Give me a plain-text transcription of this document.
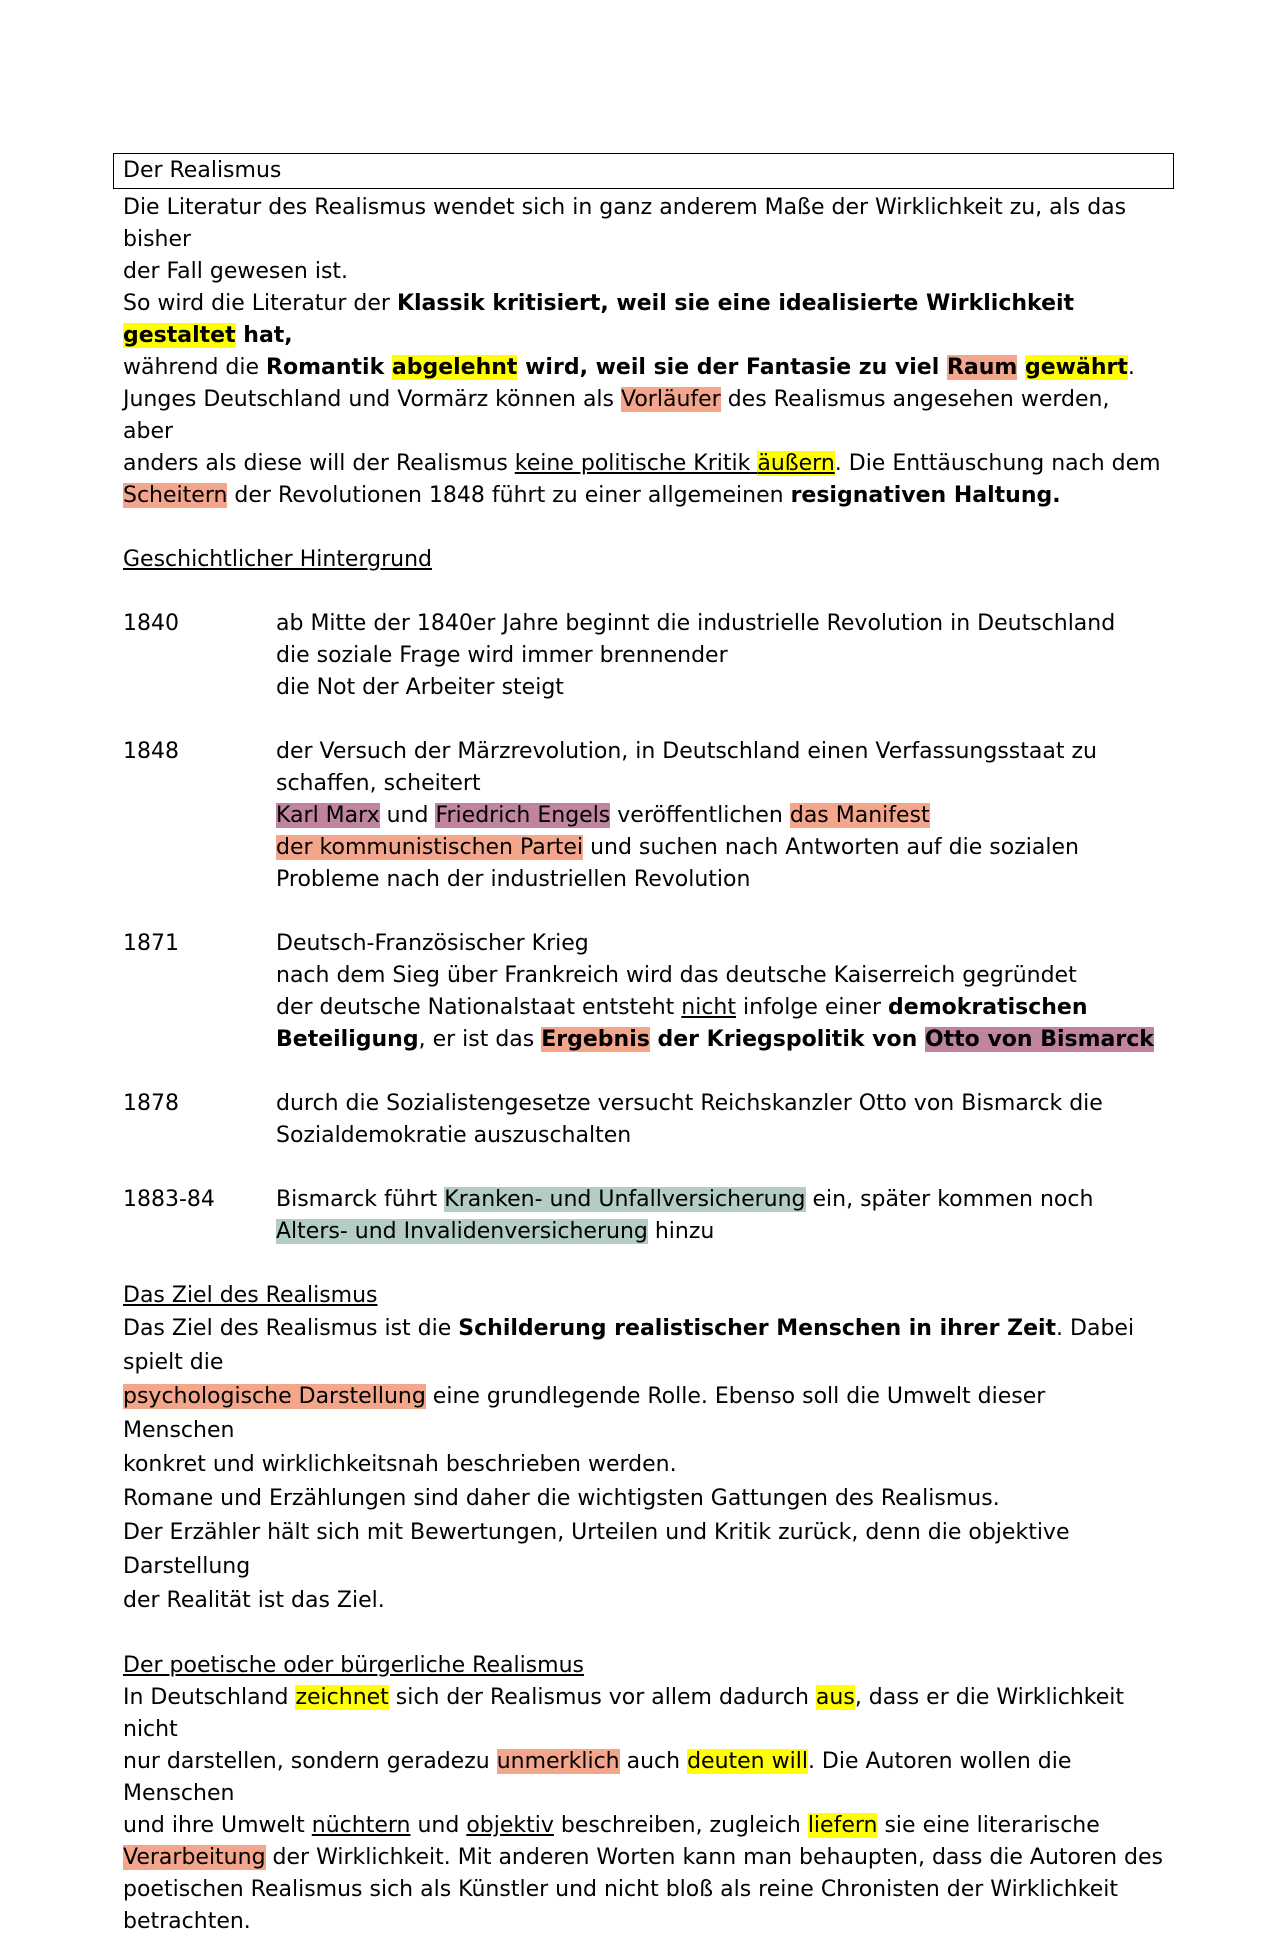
Der Realismus
Die Literatur des Realismus wendet sich in ganz anderem Maße der Wirklichkeit zu, als das bisher
der Fall gewesen ist.
So wird die Literatur der Klassik kritisiert, weil sie eine idealisierte Wirklichkeit gestaltet hat,
während die Romantik abgelehnt wird, weil sie der Fantasie zu viel Raum gewährt.
Junges Deutschland und Vormärz können als Vorläufer des Realismus angesehen werden, aber
anders als diese will der Realismus keine politische Kritik äußern. Die Enttäuschung nach dem
Scheitern der Revolutionen 1848 führt zu einer allgemeinen resignativen Haltung.
Geschichtlicher Hintergrund
1840	ab Mitte der 1840er Jahre beginnt die industrielle Revolution in Deutschland
die soziale Frage wird immer brennender
die Not der Arbeiter steigt
1848	der Versuch der Märzrevolution, in Deutschland einen Verfassungsstaat zu
schaffen, scheitert
Karl Marx und Friedrich Engels veröffentlichen das Manifest
der kommunistischen Partei und suchen nach Antworten auf die sozialen
Probleme nach der industriellen Revolution
1871	Deutsch-Französischer Krieg
nach dem Sieg über Frankreich wird das deutsche Kaiserreich gegründet
der deutsche Nationalstaat entsteht nicht infolge einer demokratischen
Beteiligung, er ist das Ergebnis der Kriegspolitik von Otto von Bismarck
1878	durch die Sozialistengesetze versucht Reichskanzler Otto von Bismarck die
Sozialdemokratie auszuschalten
1883-84	Bismarck führt Kranken- und Unfallversicherung ein, später kommen noch
Alters- und Invalidenversicherung hinzu
Das Ziel des Realismus
Das Ziel des Realismus ist die Schilderung realistischer Menschen in ihrer Zeit. Dabei spielt die
psychologische Darstellung eine grundlegende Rolle. Ebenso soll die Umwelt dieser Menschen
konkret und wirklichkeitsnah beschrieben werden.
Romane und Erzählungen sind daher die wichtigsten Gattungen des Realismus.
Der Erzähler hält sich mit Bewertungen, Urteilen und Kritik zurück, denn die objektive Darstellung
der Realität ist das Ziel.
Der poetische oder bürgerliche Realismus
In Deutschland zeichnet sich der Realismus vor allem dadurch aus, dass er die Wirklichkeit nicht
nur darstellen, sondern geradezu unmerklich auch deuten will. Die Autoren wollen die Menschen
und ihre Umwelt nüchtern und objektiv beschreiben, zugleich liefern sie eine literarische
Verarbeitung der Wirklichkeit. Mit anderen Worten kann man behaupten, dass die Autoren des
poetischen Realismus sich als Künstler und nicht bloß als reine Chronisten der Wirklichkeit
betrachten.
